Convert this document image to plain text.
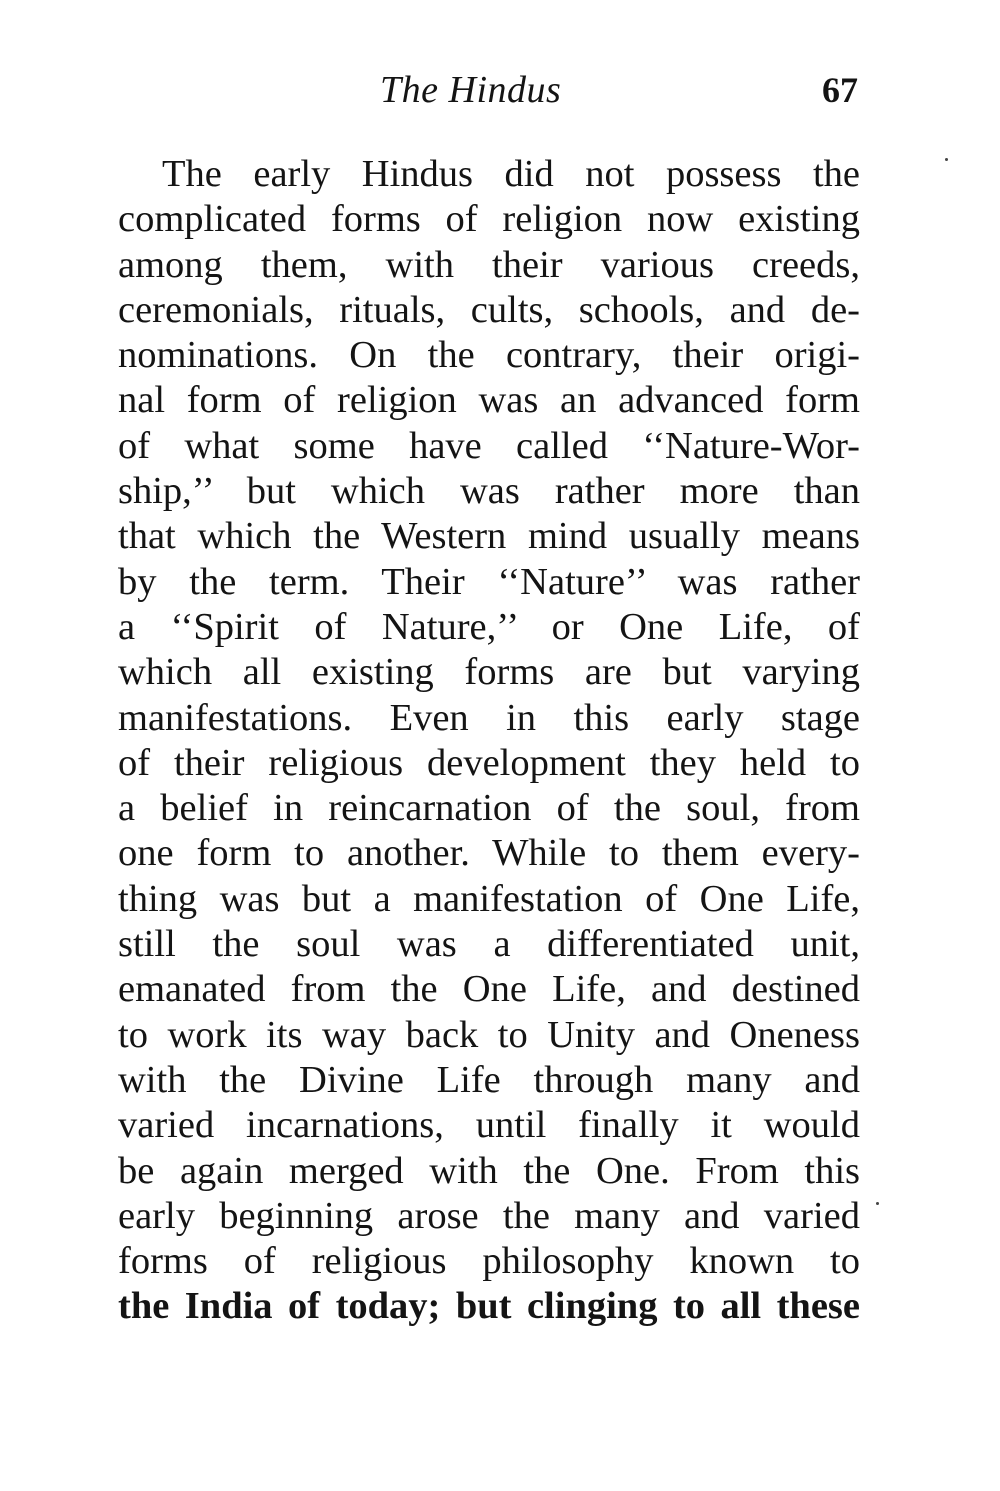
The Hindus	67
The early Hindus did not possess the
complicated forms of religion now existing
among them, with their various creeds,
ceremonials, rituals, cults, schools, and de-
nominations. On the contrary, their origi-
nal form of religion was an advanced form
of what some have called ‘‘Nature-Wor-
ship,’’ but which was rather more than
that which the Western mind usually means
by the term. Their ‘‘Nature’’ was rather
a ‘‘Spirit of Nature,’’ or One Life, of
which all existing forms are but varying
manifestations. Even in this early stage
of their religious development they held to
a belief in reincarnation of the soul, from
one form to another. While to them every-
thing was but a manifestation of One Life,
still the soul was a differentiated unit,
emanated from the One Life, and destined
to work its way back to Unity and Oneness
with the Divine Life through many and
varied incarnations, until finally it would
be again merged with the One. From this
early beginning arose the many and varied
forms of religious philosophy known to
the India of today; but clinging to all these
